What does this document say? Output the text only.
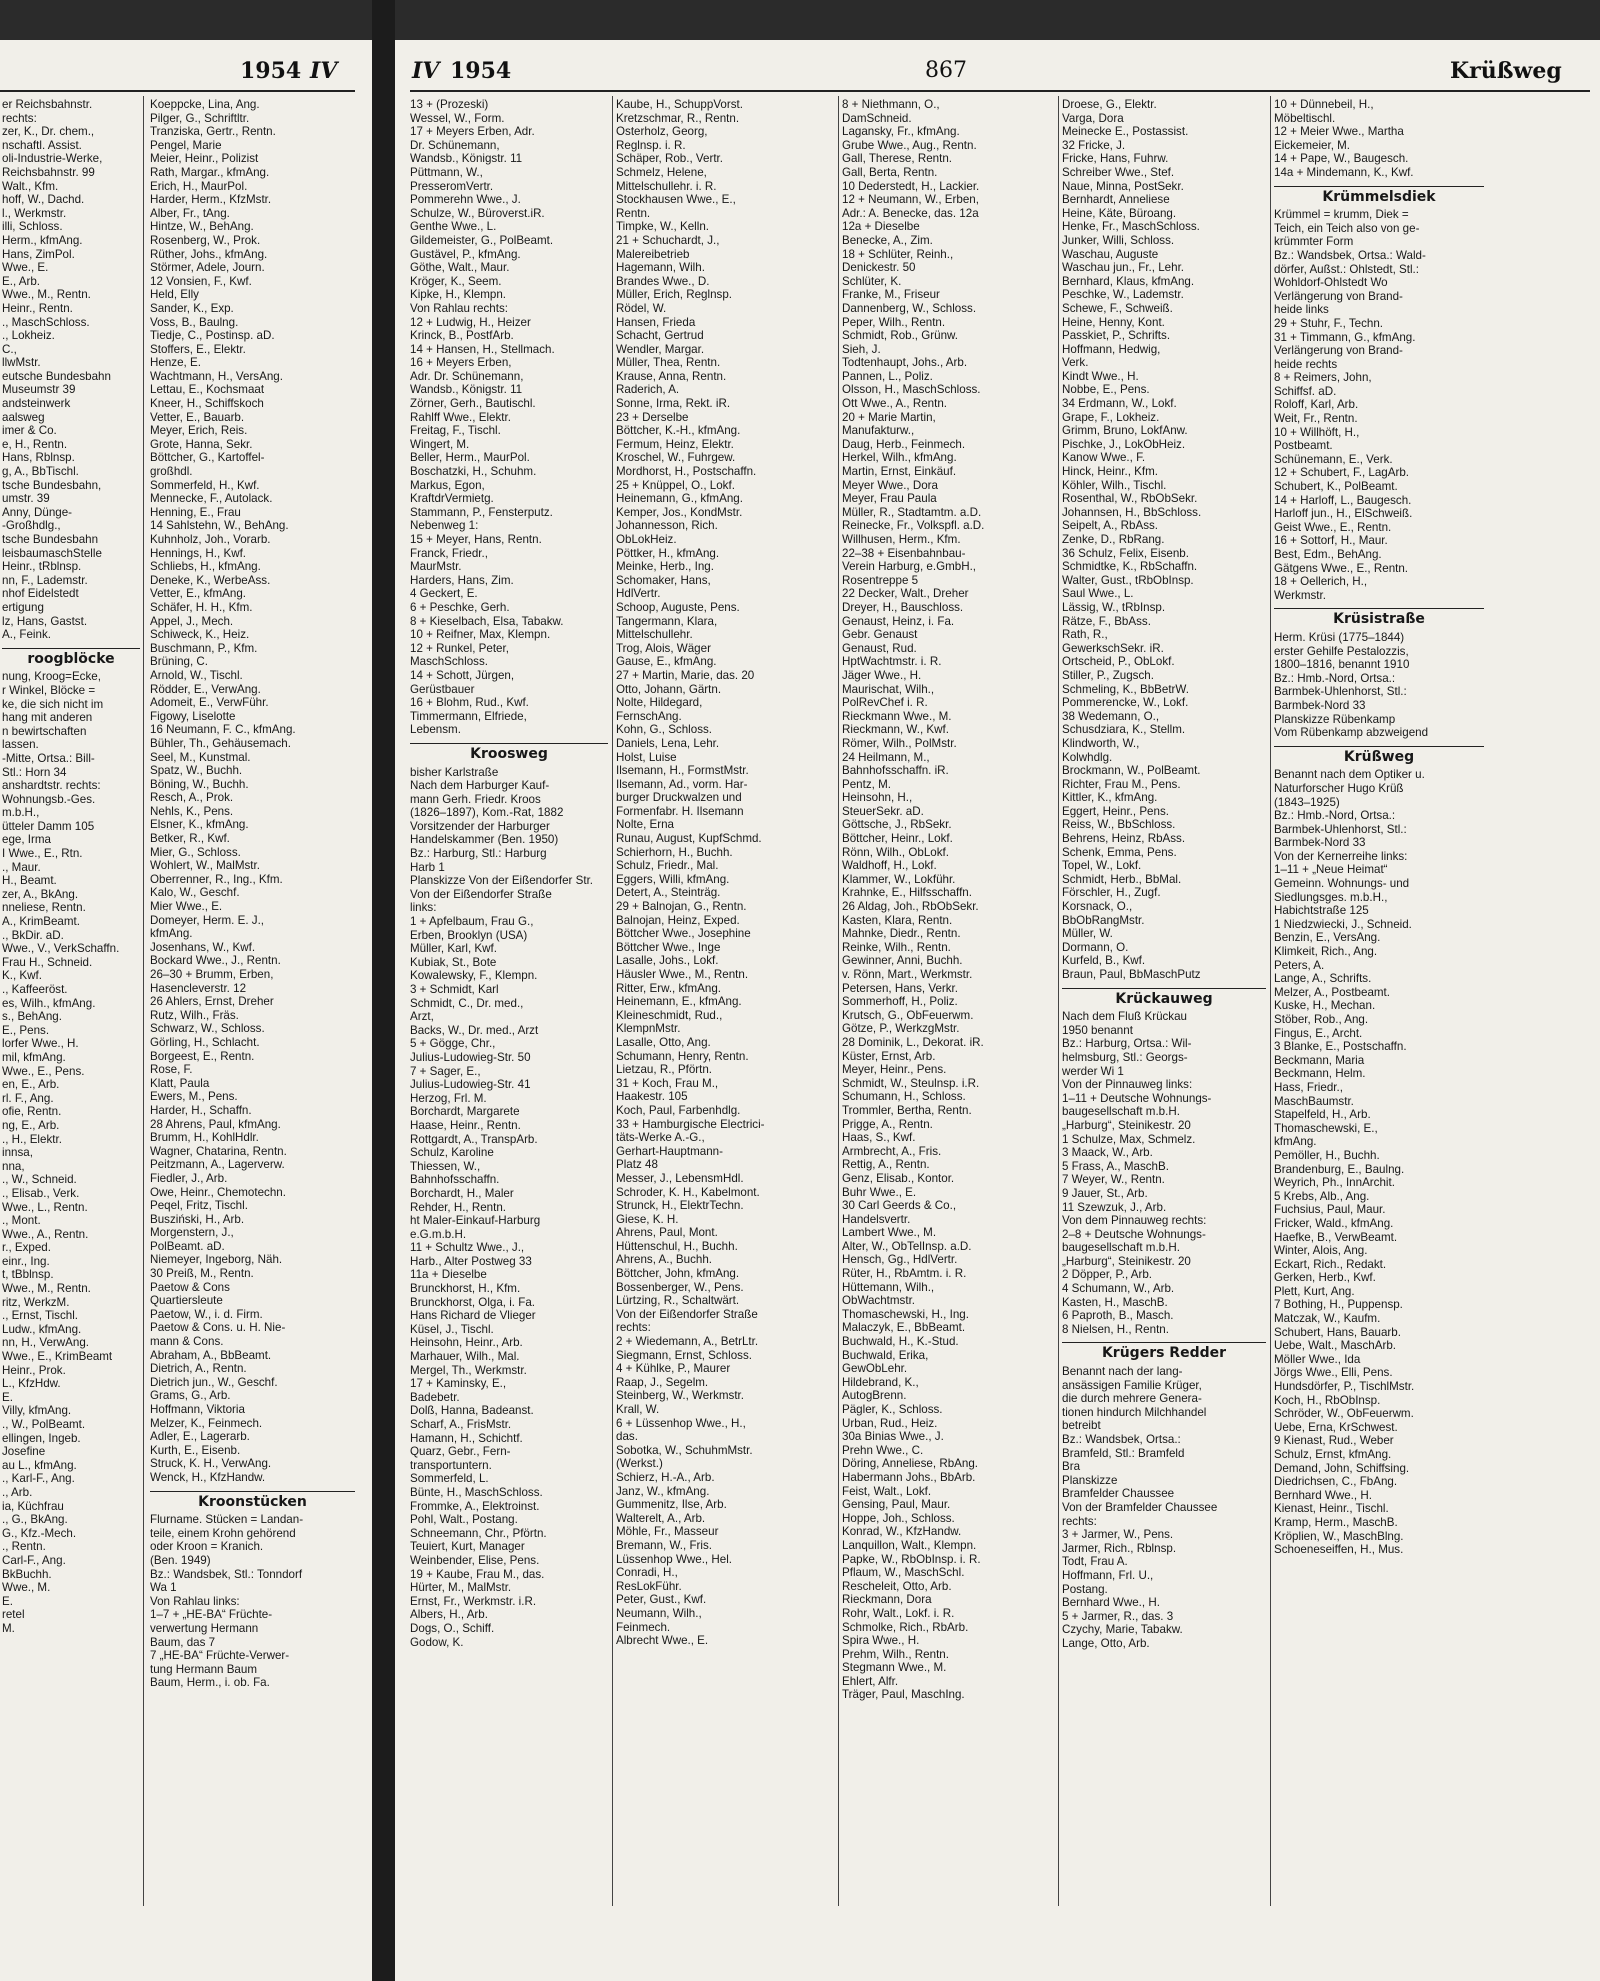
1954 IV	IV 1954	867	Krüßweg

er Reichsbahnstr.

rechts:

zer, K., Dr. chem.,

nschaftl. Assist.

oli-Industrie-Werke,

Reichsbahnstr. 99

Walt., Kfm.

hoff, W., Dachd.

l., Werkmstr.

illi, Schloss.

Herm., kfmAng.

Hans, ZimPol.

Wwe., E.

E., Arb.

Wwe., M., Rentn.

Heinr., Rentn.

., MaschSchloss.

., Lokheiz.

C.,

llwMstr.

eutsche Bundesbahn

Museumstr 39

andsteinwerk

aalsweg

imer & Co.

e, H., Rentn.

Hans, Rblnsp.

g, A., BbTischl.

tsche Bundesbahn,

umstr. 39

Anny, Dünge-

-Großhdlg.,

tsche Bundesbahn

leisbaumaschStelle

Heinr., tRblnsp.

nn, F., Lademstr.

nhof Eidelstedt

ertigung

lz, Hans, Gastst.

A., Feink.

roogblöcke

nung, Kroog=Ecke,

r Winkel, Blöcke =

ke, die sich nicht im

hang mit anderen

n bewirtschaften

lassen.

-Mitte, Ortsa.: Bill-

Stl.: Horn 34

anshardtstr. rechts:

Wohnungsb.-Ges.

m.b.H.,

ütteler Damm 105

ege, Irma

I Wwe., E., Rtn.

., Maur.

H., Beamt.

zer, A., BkAng.

nneliese, Rentn.

A., KrimBeamt.

., BkDir. aD.

Wwe., V., VerkSchaffn.

Frau H., Schneid.

K., Kwf.

., Kaffeeröst.

es, Wilh., kfmAng.

s., BehAng.

E., Pens.

lorfer Wwe., H.

mil, kfmAng.

Wwe., E., Pens.

en, E., Arb.

rl. F., Ang.

ofie, Rentn.

ng, E., Arb.

., H., Elektr.

innsa,

nna,

., W., Schneid.

., Elisab., Verk.

Wwe., L., Rentn.

., Mont.

Wwe., A., Rentn.

r., Exped.

einr., Ing.

t, tBblnsp.

Wwe., M., Rentn.

ritz, WerkzM.

., Ernst, Tischl.

Ludw., kfmAng.

nn, H., VerwAng.

Wwe., E., KrimBeamt

Heinr., Prok.

L., KfzHdw.

E.

Villy, kfmAng.

., W., PolBeamt.

ellingen, Ingeb.

Josefine

au L., kfmAng.

., Karl-F., Ang.

., Arb.

ia, Küchfrau

., G., BkAng.

G., Kfz.-Mech.

., Rentn.

Carl-F., Ang.

BkBuchh.

Wwe., M.

E.

retel

M.

Koeppcke, Lina, Ang.

Pilger, G., Schriftltr.

Tranziska, Gertr., Rentn.

Pengel, Marie

Meier, Heinr., Polizist

Rath, Margar., kfmAng.

Erich, H., MaurPol.

Harder, Herm., KfzMstr.

Alber, Fr., tAng.

Hintze, W., BehAng.

Rosenberg, W., Prok.

Rüther, Johs., kfmAng.

Störmer, Adele, Journ.

12 Vonsien, F., Kwf.

Held, Elly

Sander, K., Exp.

Voss, B., Baulng.

Tiedje, C., Postinsp. aD.

Stoffers, E., Elektr.

Henze, E.

Wachtmann, H., VersAng.

Lettau, E., Kochsmaat

Kneer, H., Schiffskoch

Vetter, E., Bauarb.

Meyer, Erich, Reis.

Grote, Hanna, Sekr.

Böttcher, G., Kartoffel-

großhdl.

Sommerfeld, H., Kwf.

Mennecke, F., Autolack.

Henning, E., Frau

14 Sahlstehn, W., BehAng.

Kuhnholz, Joh., Vorarb.

Hennings, H., Kwf.

Schliebs, H., kfmAng.

Deneke, K., WerbeAss.

Vetter, E., kfmAng.

Schäfer, H. H., Kfm.

Appel, J., Mech.

Schiweck, K., Heiz.

Buschmann, P., Kfm.

Brüning, C.

Arnold, W., Tischl.

Rödder, E., VerwAng.

Adomeit, E., VerwFühr.

Figowy, Liselotte

16 Neumann, F. C., kfmAng.

Bühler, Th., Gehäusemach.

Seel, M., Kunstmal.

Spatz, W., Buchh.

Böning, W., Buchh.

Resch, A., Prok.

Nehls, K., Pens.

Elsner, K., kfmAng.

Betker, R., Kwf.

Mier, G., Schloss.

Wohlert, W., MalMstr.

Oberrenner, R., Ing., Kfm.

Kalo, W., Geschf.

Mier Wwe., E.

Domeyer, Herm. E. J.,

kfmAng.

Josenhans, W., Kwf.

Bockard Wwe., J., Rentn.

26–30 + Brumm, Erben,

Hasencleverstr. 12

26 Ahlers, Ernst, Dreher

Rutz, Wilh., Fräs.

Schwarz, W., Schloss.

Görling, H., Schlacht.

Borgeest, E., Rentn.

Rose, F.

Klatt, Paula

Ewers, M., Pens.

Harder, H., Schaffn.

28 Ahrens, Paul, kfmAng.

Brumm, H., KohlHdlr.

Wagner, Chatarina, Rentn.

Peitzmann, A., Lagerverw.

Fiedler, J., Arb.

Owe, Heinr., Chemotechn.

Peqel, Fritz, Tischl.

Busziński, H., Arb.

Morgenstern, J.,

PolBeamt. aD.

Niemeyer, Ingeborg, Näh.

30 Preiß, M., Rentn.

Paetow & Cons

Quartiersleute

Paetow, W., i. d. Firm.

Paetow & Cons. u. H. Nie-

mann & Cons.

Abraham, A., BbBeamt.

Dietrich, A., Rentn.

Dietrich jun., W., Geschf.

Grams, G., Arb.

Hoffmann, Viktoria

Melzer, K., Feinmech.

Adler, E., Lagerarb.

Kurth, E., Eisenb.

Struck, K. H., VerwAng.

Wenck, H., KfzHandw.

Kroonstücken

Flurname. Stücken = Landan-

teile, einem Krohn gehörend

oder Kroon = Kranich.

(Ben. 1949)

Bz.: Wandsbek, Stl.: Tonndorf

Wa 1

Von Rahlau links:

1–7 + „HE-BA“ Früchte-

verwertung Hermann

Baum, das 7

7 „HE-BA“ Früchte-Verwer-

tung Hermann Baum

Baum, Herm., i. ob. Fa.

13 + (Prozeski)

Wessel, W., Form.

17 + Meyers Erben, Adr.

Dr. Schünemann,

Wandsb., Königstr. 11

Püttmann, W.,

PresseromVertr.

Pommerehn Wwe., J.

Schulze, W., Büroverst.iR.

Genthe Wwe., L.

Gildemeister, G., PolBeamt.

Gustävel, P., kfmAng.

Göthe, Walt., Maur.

Kröger, K., Seem.

Kipke, H., Klempn.

Von Rahlau rechts:

12 + Ludwig, H., Heizer

Krinck, B., PostfArb.

14 + Hansen, H., Stellmach.

16 + Meyers Erben,

Adr. Dr. Schünemann,

Wandsb., Königstr. 11

Zörner, Gerh., Bautischl.

Rahlff Wwe., Elektr.

Freitag, F., Tischl.

Wingert, M.

Beller, Herm., MaurPol.

Boschatzki, H., Schuhm.

Markus, Egon,

KraftdrVermietg.

Stammann, P., Fensterputz.

Nebenweg 1:

15 + Meyer, Hans, Rentn.

Franck, Friedr.,

MaurMstr.

Harders, Hans, Zim.

4 Geckert, E.

6 + Peschke, Gerh.

8 + Kieselbach, Elsa, Tabakw.

10 + Reifner, Max, Klempn.

12 + Runkel, Peter,

MaschSchloss.

14 + Schott, Jürgen,

Gerüstbauer

16 + Blohm, Rud., Kwf.

Timmermann, Elfriede,

Lebensm.

Kroosweg

bisher Karlstraße

Nach dem Harburger Kauf-

mann Gerh. Friedr. Kroos

(1826–1897), Kom.-Rat, 1882

Vorsitzender der Harburger

Handelskammer (Ben. 1950)

Bz.: Harburg, Stl.: Harburg

Harb 1

Planskizze Von der Eißendorfer Str.

Von der Eißendorfer Straße

links:

1 + Apfelbaum, Frau G.,

Erben, Brooklyn (USA)

Müller, Karl, Kwf.

Kubiak, St., Bote

Kowalewsky, F., Klempn.

3 + Schmidt, Karl

Schmidt, C., Dr. med.,

Arzt,

Backs, W., Dr. med., Arzt

5 + Gögge, Chr.,

Julius-Ludowieg-Str. 50

7 + Sager, E.,

Julius-Ludowieg-Str. 41

Herzog, Frl. M.

Borchardt, Margarete

Haase, Heinr., Rentn.

Rottgardt, A., TranspArb.

Schulz, Karoline

Thiessen, W.,

Bahnhofsschaffn.

Borchardt, H., Maler

Rehder, H., Rentn.

ht Maler-Einkauf-Harburg

e.G.m.b.H.

11 + Schultz Wwe., J.,

Harb., Alter Postweg 33

11a + Dieselbe

Brunckhorst, H., Kfm.

Brunckhorst, Olga, i. Fa.

Hans Richard de Vlieger

Küsel, J., Tischl.

Heinsohn, Heinr., Arb.

Marhauer, Wilh., Mal.

Mergel, Th., Werkmstr.

17 + Kaminsky, E.,

Badebetr.

Dolß, Hanna, Badeanst.

Scharf, A., FrisMstr.

Hamann, H., Schichtf.

Quarz, Gebr., Fern-

transportuntern.

Sommerfeld, L.

Bünte, H., MaschSchloss.

Frommke, A., Elektroinst.

Pohl, Walt., Postang.

Schneemann, Chr., Pförtn.

Teuiert, Kurt, Manager

Weinbender, Elise, Pens.

19 + Kaube, Frau M., das.

Hürter, M., MalMstr.

Ernst, Fr., Werkmstr. i.R.

Albers, H., Arb.

Dogs, O., Schiff.

Godow, K.

Kaube, H., SchuppVorst.

Kretzschmar, R., Rentn.

Osterholz, Georg,

Reglnsp. i. R.

Schäper, Rob., Vertr.

Schmelz, Helene,

Mittelschullehr. i. R.

Stockhausen Wwe., E.,

Rentn.

Timpke, W., Kelln.

21 + Schuchardt, J.,

Malereibetrieb

Hagemann, Wilh.

Brandes Wwe., D.

Müller, Erich, Reglnsp.

Rödel, W.

Hansen, Frieda

Schacht, Gertrud

Wendler, Margar.

Müller, Thea, Rentn.

Krause, Anna, Rentn.

Raderich, A.

Sonne, Irma, Rekt. iR.

23 + Derselbe

Böttcher, K.-H., kfmAng.

Fermum, Heinz, Elektr.

Kroschel, W., Fuhrgew.

Mordhorst, H., Postschaffn.

25 + Knüppel, O., Lokf.

Heinemann, G., kfmAng.

Kemper, Jos., KondMstr.

Johannesson, Rich.

ObLokHeiz.

Pöttker, H., kfmAng.

Meinke, Herb., Ing.

Schomaker, Hans,

HdlVertr.

Schoop, Auguste, Pens.

Tangermann, Klara,

Mittelschullehr.

Trog, Alois, Wäger

Gause, E., kfmAng.

27 + Martin, Marie, das. 20

Otto, Johann, Gärtn.

Nolte, Hildegard,

FernschAng.

Kohn, G., Schloss.

Daniels, Lena, Lehr.

Holst, Luise

Ilsemann, H., FormstMstr.

Ilsemann, Ad., vorm. Har-

burger Druckwalzen und

Formenfabr. H. Ilsemann

Nolte, Erna

Runau, August, KupfSchmd.

Schierhorn, H., Buchh.

Schulz, Friedr., Mal.

Eggers, Willi, kfmAng.

Detert, A., Steinträg.

29 + Balnojan, G., Rentn.

Balnojan, Heinz, Exped.

Böttcher Wwe., Josephine

Böttcher Wwe., Inge

Lasalle, Johs., Lokf.

Häusler Wwe., M., Rentn.

Ritter, Erw., kfmAng.

Heinemann, E., kfmAng.

Kleineschmidt, Rud.,

KlempnMstr.

Lasalle, Otto, Ang.

Schumann, Henry, Rentn.

Lietzau, R., Pförtn.

31 + Koch, Frau M.,

Haakestr. 105

Koch, Paul, Farbenhdlg.

33 + Hamburgische Electrici-

täts-Werke A.-G.,

Gerhart-Hauptmann-

Platz 48

Messer, J., LebensmHdl.

Schroder, K. H., Kabelmont.

Strunck, H., ElektrTechn.

Giese, K. H.

Ahrens, Paul, Mont.

Hüttenschul, H., Buchh.

Ahrens, A., Buchh.

Böttcher, John, kfmAng.

Bossenberger, W., Pens.

Lürtzing, R., Schaltwärt.

Von der Eißendorfer Straße

rechts:

2 + Wiedemann, A., BetrLtr.

Siegmann, Ernst, Schloss.

4 + Kühlke, P., Maurer

Raap, J., Segelm.

Steinberg, W., Werkmstr.

Krall, W.

6 + Lüssenhop Wwe., H.,

das.

Sobotka, W., SchuhmMstr.

(Werkst.)

Schierz, H.-A., Arb.

Janz, W., kfmAng.

Gummenitz, Ilse, Arb.

Walterelt, A., Arb.

Möhle, Fr., Masseur

Bremann, W., Fris.

Lüssenhop Wwe., Hel.

Conradi, H.,

ResLokFühr.

Peter, Gust., Kwf.

Neumann, Wilh.,

Feinmech.

Albrecht Wwe., E.

8 + Niethmann, O.,

DamSchneid.

Lagansky, Fr., kfmAng.

Grube Wwe., Aug., Rentn.

Gall, Therese, Rentn.

Gall, Berta, Rentn.

10 Dederstedt, H., Lackier.

12 + Neumann, W., Erben,

Adr.: A. Benecke, das. 12a

12a + Dieselbe

Benecke, A., Zim.

18 + Schlüter, Reinh.,

Denickestr. 50

Schlüter, K.

Franke, M., Friseur

Dannenberg, W., Schloss.

Peper, Wilh., Rentn.

Schmidt, Rob., Grünw.

Sieh, J.

Todtenhaupt, Johs., Arb.

Pannen, L., Poliz.

Olsson, H., MaschSchloss.

Ott Wwe., A., Rentn.

20 + Marie Martin,

Manufakturw.,

Daug, Herb., Feinmech.

Herkel, Wilh., kfmAng.

Martin, Ernst, Einkäuf.

Meyer Wwe., Dora

Meyer, Frau Paula

Müller, R., Stadtamtm. a.D.

Reinecke, Fr., Volkspfl. a.D.

Willhusen, Herm., Kfm.

22–38 + Eisenbahnbau-

Verein Harburg, e.GmbH.,

Rosentreppe 5

22 Decker, Walt., Dreher

Dreyer, H., Bauschloss.

Genaust, Heinz, i. Fa.

Gebr. Genaust

Genaust, Rud.

HptWachtmstr. i. R.

Jäger Wwe., H.

Maurischat, Wilh.,

PolRevChef i. R.

Rieckmann Wwe., M.

Rieckmann, W., Kwf.

Römer, Wilh., PolMstr.

24 Heilmann, M.,

Bahnhofsschaffn. iR.

Pentz, M.

Heinsohn, H.,

SteuerSekr. aD.

Göttsche, J., RbSekr.

Böttcher, Heinr., Lokf.

Rönn, Wilh., ObLokf.

Waldhoff, H., Lokf.

Klammer, W., Lokführ.

Krahnke, E., Hilfsschaffn.

26 Aldag, Joh., RbObSekr.

Kasten, Klara, Rentn.

Mahnke, Diedr., Rentn.

Reinke, Wilh., Rentn.

Gewinner, Anni, Buchh.

v. Rönn, Mart., Werkmstr.

Petersen, Hans, Verkr.

Sommerhoff, H., Poliz.

Krutsch, G., ObFeuerwm.

Götze, P., WerkzgMstr.

28 Dominik, L., Dekorat. iR.

Küster, Ernst, Arb.

Meyer, Heinr., Pens.

Schmidt, W., Steulnsp. i.R.

Schumann, H., Schloss.

Trommler, Bertha, Rentn.

Prigge, A., Rentn.

Haas, S., Kwf.

Armbrecht, A., Fris.

Rettig, A., Rentn.

Genz, Elisab., Kontor.

Buhr Wwe., E.

30 Carl Geerds & Co.,

Handelsvertr.

Lambert Wwe., M.

Alter, W., ObTelInsp. a.D.

Hensch, Gg., HdlVertr.

Rüter, H., RbAmtm. i. R.

Hüttemann, Wilh.,

ObWachtmstr.

Thomaschewski, H., Ing.

Malaczyk, E., BbBeamt.

Buchwald, H., K.-Stud.

Buchwald, Erika,

GewObLehr.

Hildebrand, K.,

AutogBrenn.

Pägler, K., Schloss.

Urban, Rud., Heiz.

30a Binias Wwe., J.

Prehn Wwe., C.

Döring, Anneliese, RbAng.

Habermann Johs., BbArb.

Feist, Walt., Lokf.

Gensing, Paul, Maur.

Hoppe, Joh., Schloss.

Konrad, W., KfzHandw.

Lanquillon, Walt., Klempn.

Papke, W., RbObInsp. i. R.

Pflaum, W., MaschSchl.

Rescheleit, Otto, Arb.

Rieckmann, Dora

Rohr, Walt., Lokf. i. R.

Schmolke, Rich., RbArb.

Spira Wwe., H.

Prehm, Wilh., Rentn.

Stegmann Wwe., M.

Ehlert, Alfr.

Träger, Paul, MaschIng.

Droese, G., Elektr.

Varga, Dora

Meinecke E., Postassist.

32 Fricke, J.

Fricke, Hans, Fuhrw.

Schreiber Wwe., Stef.

Naue, Minna, PostSekr.

Bernhardt, Anneliese

Heine, Käte, Büroang.

Henke, Fr., MaschSchloss.

Junker, Willi, Schloss.

Waschau, Auguste

Waschau jun., Fr., Lehr.

Bernhard, Klaus, kfmAng.

Peschke, W., Lademstr.

Schewe, F., Schweiß.

Heine, Henny, Kont.

Passkiet, P., Schrifts.

Hoffmann, Hedwig,

Verk.

Kindt Wwe., H.

Nobbe, E., Pens.

34 Erdmann, W., Lokf.

Grape, F., Lokheiz.

Grimm, Bruno, LokfAnw.

Pischke, J., LokObHeiz.

Kanow Wwe., F.

Hinck, Heinr., Kfm.

Köhler, Wilh., Tischl.

Rosenthal, W., RbObSekr.

Johannsen, H., BbSchloss.

Seipelt, A., RbAss.

Zenke, D., RbRang.

36 Schulz, Felix, Eisenb.

Schmidtke, K., RbSchaffn.

Walter, Gust., tRbObInsp.

Saul Wwe., L.

Lässig, W., tRbInsp.

Rätze, F., BbAss.

Rath, R.,

GewerkschSekr. iR.

Ortscheid, P., ObLokf.

Stiller, P., Zugsch.

Schmeling, K., BbBetrW.

Pommerencke, W., Lokf.

38 Wedemann, O.,

Schusdziara, K., Stellm.

Klindworth, W.,

Kolwhdlg.

Brockmann, W., PolBeamt.

Richter, Frau M., Pens.

Kittler, K., kfmAng.

Eggert, Heinr., Pens.

Reiss, W., BbSchloss.

Behrens, Heinz, RbAss.

Schenk, Emma, Pens.

Topel, W., Lokf.

Schmidt, Herb., BbMal.

Förschler, H., Zugf.

Korsnack, O.,

BbObRangMstr.

Müller, W.

Dormann, O.

Kurfeld, B., Kwf.

Braun, Paul, BbMaschPutz

Krückauweg

Nach dem Fluß Krückau

1950 benannt

Bz.: Harburg, Ortsa.: Wil-

helmsburg, Stl.: Georgs-

werder Wi 1

Von der Pinnauweg links:

1–11 + Deutsche Wohnungs-

baugesellschaft m.b.H.

„Harburg“, Steinikestr. 20

1 Schulze, Max, Schmelz.

3 Maack, W., Arb.

5 Frass, A., MaschB.

7 Weyer, W., Rentn.

9 Jauer, St., Arb.

11 Szewzuk, J., Arb.

Von dem Pinnauweg rechts:

2–8 + Deutsche Wohnungs-

baugesellschaft m.b.H.

„Harburg“, Steinikestr. 20

2 Döpper, P., Arb.

4 Schumann, W., Arb.

Kasten, H., MaschB.

6 Paproth, B., Masch.

8 Nielsen, H., Rentn.

Krügers Redder

Benannt nach der lang-

ansässigen Familie Krüger,

die durch mehrere Genera-

tionen hindurch Milchhandel

betreibt

Bz.: Wandsbek, Ortsa.:

Bramfeld, Stl.: Bramfeld

Bra

Planskizze

Bramfelder Chaussee

Von der Bramfelder Chaussee

rechts:

3 + Jarmer, W., Pens.

Jarmer, Rich., Rblnsp.

Todt, Frau A.

Hoffmann, Frl. U.,

Postang.

Bernhard Wwe., H.

5 + Jarmer, R., das. 3

Czychy, Marie, Tabakw.

Lange, Otto, Arb.

10 + Dünnebeil, H.,

Möbeltischl.

12 + Meier Wwe., Martha

Eickemeier, M.

14 + Pape, W., Baugesch.

14a + Mindemann, K., Kwf.

Krümmelsdiek

Krümmel = krumm, Diek =

Teich, ein Teich also von ge-

krümmter Form

Bz.: Wandsbek, Ortsa.: Wald-

dörfer, Außst.: Ohlstedt, Stl.:

Wohldorf-Ohlstedt Wo

Verlängerung von Brand-

heide links

29 + Stuhr, F., Techn.

31 + Timmann, G., kfmAng.

Verlängerung von Brand-

heide rechts

8 + Reimers, John,

Schiffsf. aD.

Roloff, Karl, Arb.

Weit, Fr., Rentn.

10 + Willhöft, H.,

Postbeamt.

Schünemann, E., Verk.

12 + Schubert, F., LagArb.

Schubert, K., PolBeamt.

14 + Harloff, L., Baugesch.

Harloff jun., H., ElSchweiß.

Geist Wwe., E., Rentn.

16 + Sottorf, H., Maur.

Best, Edm., BehAng.

Gätgens Wwe., E., Rentn.

18 + Oellerich, H.,

Werkmstr.

Krüsistraße

Herm. Krüsi (1775–1844)

erster Gehilfe Pestalozzis,

1800–1816, benannt 1910

Bz.: Hmb.-Nord, Ortsa.:

Barmbek-Uhlenhorst, Stl.:

Barmbek-Nord 33

Planskizze Rübenkamp

Vom Rübenkamp abzweigend

Krüßweg

Benannt nach dem Optiker u.

Naturforscher Hugo Krüß

(1843–1925)

Bz.: Hmb.-Nord, Ortsa.:

Barmbek-Uhlenhorst, Stl.:

Barmbek-Nord 33

Von der Kernerreihe links:

1–11 + „Neue Heimat“

Gemeinn. Wohnungs- und

Siedlungsges. m.b.H.,

Habichtstraße 125

1 Niedzwiecki, J., Schneid.

Benzin, E., VersAng.

Klimkeit, Rich., Ang.

Peters, A.

Lange, A., Schrifts.

Melzer, A., Postbeamt.

Kuske, H., Mechan.

Stöber, Rob., Ang.

Fingus, E., Archt.

3 Blanke, E., Postschaffn.

Beckmann, Maria

Beckmann, Helm.

Hass, Friedr.,

MaschBaumstr.

Stapelfeld, H., Arb.

Thomaschewski, E.,

kfmAng.

Pemöller, H., Buchh.

Brandenburg, E., Baulng.

Weyrich, Ph., InnArchit.

5 Krebs, Alb., Ang.

Fuchsius, Paul, Maur.

Fricker, Wald., kfmAng.

Haefke, B., VerwBeamt.

Winter, Alois, Ang.

Eckart, Rich., Redakt.

Gerken, Herb., Kwf.

Plett, Kurt, Ang.

7 Bothing, H., Puppensp.

Matczak, W., Kaufm.

Schubert, Hans, Bauarb.

Uebe, Walt., MaschArb.

Möller Wwe., Ida

Jörgs Wwe., Elli, Pens.

Hundsdörfer, P., TischlMstr.

Koch, H., RbObInsp.

Schröder, W., ObFeuerwm.

Uebe, Erna, KrSchwest.

9 Kienast, Rud., Weber

Schulz, Ernst, kfmAng.

Demand, John, Schiffsing.

Diedrichsen, C., FbAng.

Bernhard Wwe., H.

Kienast, Heinr., Tischl.

Kramp, Herm., MaschB.

Kröplien, W., MaschBlng.

Schoeneseiffen, H., Mus.
